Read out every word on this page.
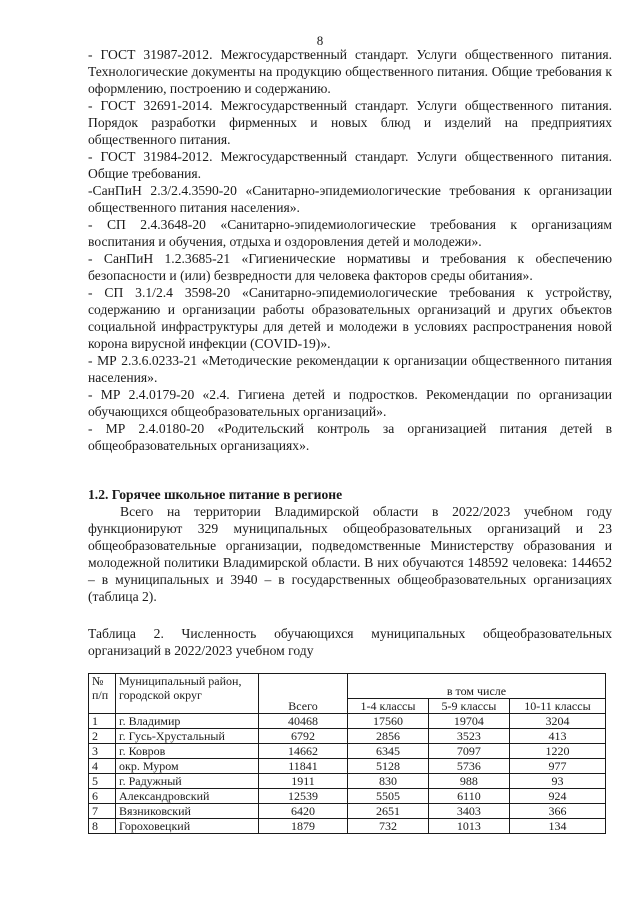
8

- ГОСТ 31987-2012. Межгосударственный стандарт. Услуги общественного питания. Технологические документы на продукцию общественного питания. Общие требования к оформлению, построению и содержанию.

- ГОСТ 32691-2014. Межгосударственный стандарт. Услуги общественного питания. Порядок разработки фирменных и новых блюд и изделий на предприятиях общественного питания.

- ГОСТ 31984-2012. Межгосударственный стандарт. Услуги общественного питания. Общие требования.

-СанПиН 2.3/2.4.3590-20 «Санитарно-эпидемиологические требования к организации общественного питания населения».

- СП 2.4.3648-20 «Санитарно-эпидемиологические требования к организациям воспитания и обучения, отдыха и оздоровления детей и молодежи».

- СанПиН 1.2.3685-21 «Гигиенические нормативы и требования к обеспечению безопасности и (или) безвредности для человека факторов среды обитания».

- СП 3.1/2.4 3598-20 «Санитарно-эпидемиологические требования к устройству, содержанию и организации работы образовательных организаций и других объектов социальной инфраструктуры для детей и молодежи в условиях распространения новой корона вирусной инфекции (COVID-19)».

- МР 2.3.6.0233-21 «Методические рекомендации к организации общественного питания населения».

- МР 2.4.0179-20 «2.4. Гигиена детей и подростков. Рекомендации по организации обучающихся общеобразовательных организаций».

- МР 2.4.0180-20 «Родительский контроль за организацией питания детей в общеобразовательных организациях».

1.2. Горячее школьное питание в регионе

Всего на территории Владимирской области в 2022/2023 учебном году функционируют 329 муниципальных общеобразовательных организаций и 23 общеобразовательные организации, подведомственные Министерству образования и молодежной политики Владимирской области. В них обучаются 148592 человека: 144652 – в муниципальных и 3940 – в государственных общеобразовательных организациях (таблица 2).

Таблица 2. Численность обучающихся муниципальных общеобразовательных организаций в 2022/2023 учебном году

№ п/п	Муниципальный район, городской округ	Всего	в том числе		
			1-4 классы	5-9 классы	10-11 классы
1	г. Владимир	40468	17560	19704	3204
2	г. Гусь-Хрустальный	6792	2856	3523	413
3	г. Ковров	14662	6345	7097	1220
4	окр. Муром	11841	5128	5736	977
5	г. Радужный	1911	830	988	93
6	Александровский	12539	5505	6110	924
7	Вязниковский	6420	2651	3403	366
8	Гороховецкий	1879	732	1013	134
